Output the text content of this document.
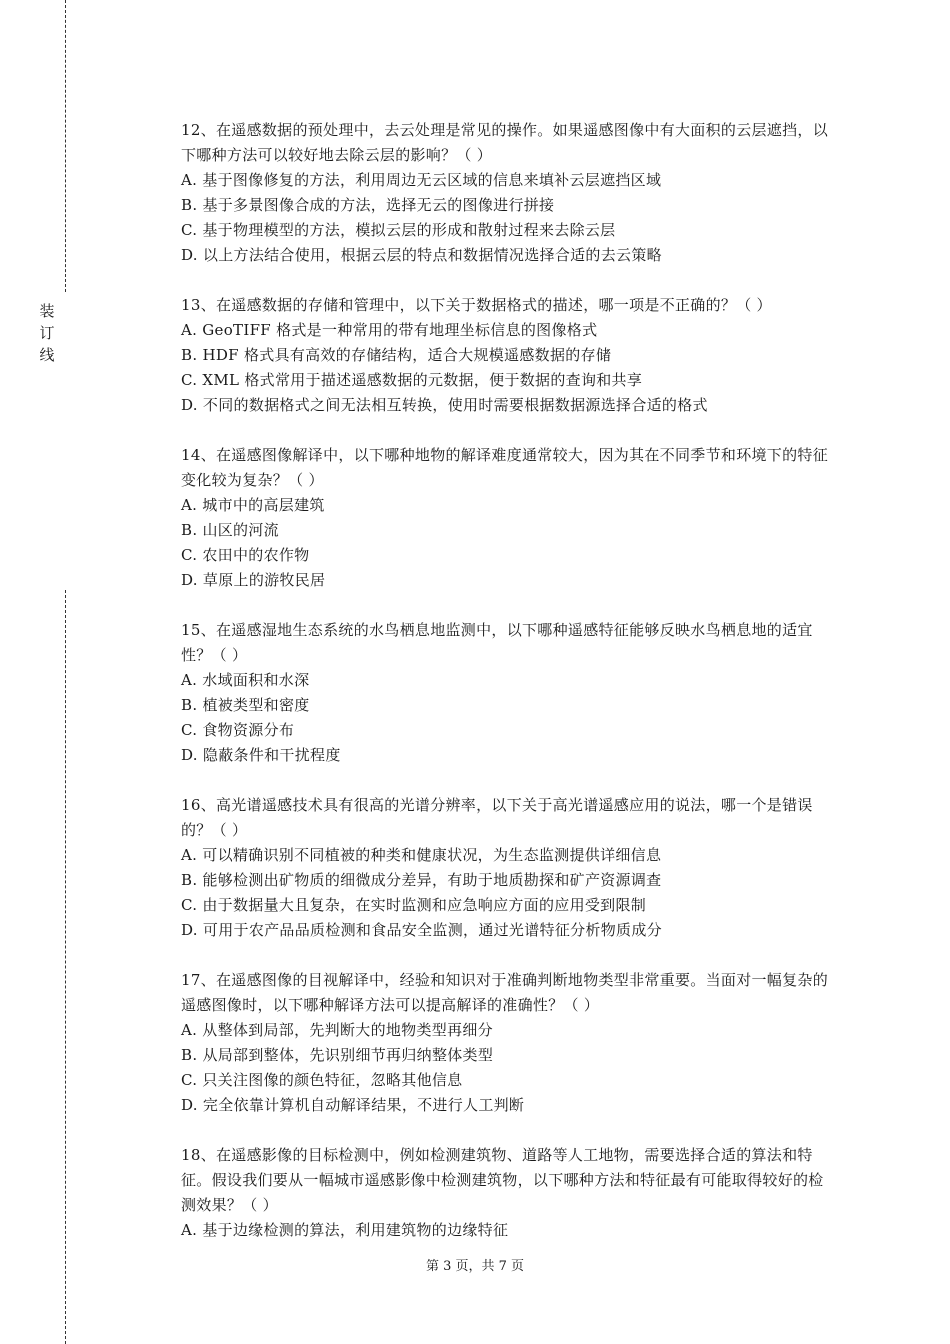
装
订
线

12、在遥感数据的预处理中，去云处理是常见的操作。如果遥感图像中有大面积的云层遮挡，以下哪种方法可以较好地去除云层的影响？（ ）

A. 基于图像修复的方法，利用周边无云区域的信息来填补云层遮挡区域

B. 基于多景图像合成的方法，选择无云的图像进行拼接

C. 基于物理模型的方法，模拟云层的形成和散射过程来去除云层

D. 以上方法结合使用，根据云层的特点和数据情况选择合适的去云策略

13、在遥感数据的存储和管理中，以下关于数据格式的描述，哪一项是不正确的？（ ）

A. GeoTIFF 格式是一种常用的带有地理坐标信息的图像格式

B. HDF 格式具有高效的存储结构，适合大规模遥感数据的存储

C. XML 格式常用于描述遥感数据的元数据，便于数据的查询和共享

D. 不同的数据格式之间无法相互转换，使用时需要根据数据源选择合适的格式

14、在遥感图像解译中，以下哪种地物的解译难度通常较大，因为其在不同季节和环境下的特征变化较为复杂？（ ）

A. 城市中的高层建筑

B. 山区的河流

C. 农田中的农作物

D. 草原上的游牧民居

15、在遥感湿地生态系统的水鸟栖息地监测中，以下哪种遥感特征能够反映水鸟栖息地的适宜性？（ ）

A. 水域面积和水深

B. 植被类型和密度

C. 食物资源分布

D. 隐蔽条件和干扰程度

16、高光谱遥感技术具有很高的光谱分辨率，以下关于高光谱遥感应用的说法，哪一个是错误的？（ ）

A. 可以精确识别不同植被的种类和健康状况，为生态监测提供详细信息

B. 能够检测出矿物质的细微成分差异，有助于地质勘探和矿产资源调查

C. 由于数据量大且复杂，在实时监测和应急响应方面的应用受到限制

D. 可用于农产品品质检测和食品安全监测，通过光谱特征分析物质成分

17、在遥感图像的目视解译中，经验和知识对于准确判断地物类型非常重要。当面对一幅复杂的遥感图像时，以下哪种解译方法可以提高解译的准确性？（ ）

A. 从整体到局部，先判断大的地物类型再细分

B. 从局部到整体，先识别细节再归纳整体类型

C. 只关注图像的颜色特征，忽略其他信息

D. 完全依靠计算机自动解译结果，不进行人工判断

18、在遥感影像的目标检测中，例如检测建筑物、道路等人工地物，需要选择合适的算法和特征。假设我们要从一幅城市遥感影像中检测建筑物，以下哪种方法和特征最有可能取得较好的检测效果？（ ）

A. 基于边缘检测的算法，利用建筑物的边缘特征

第 3 页，共 7 页
